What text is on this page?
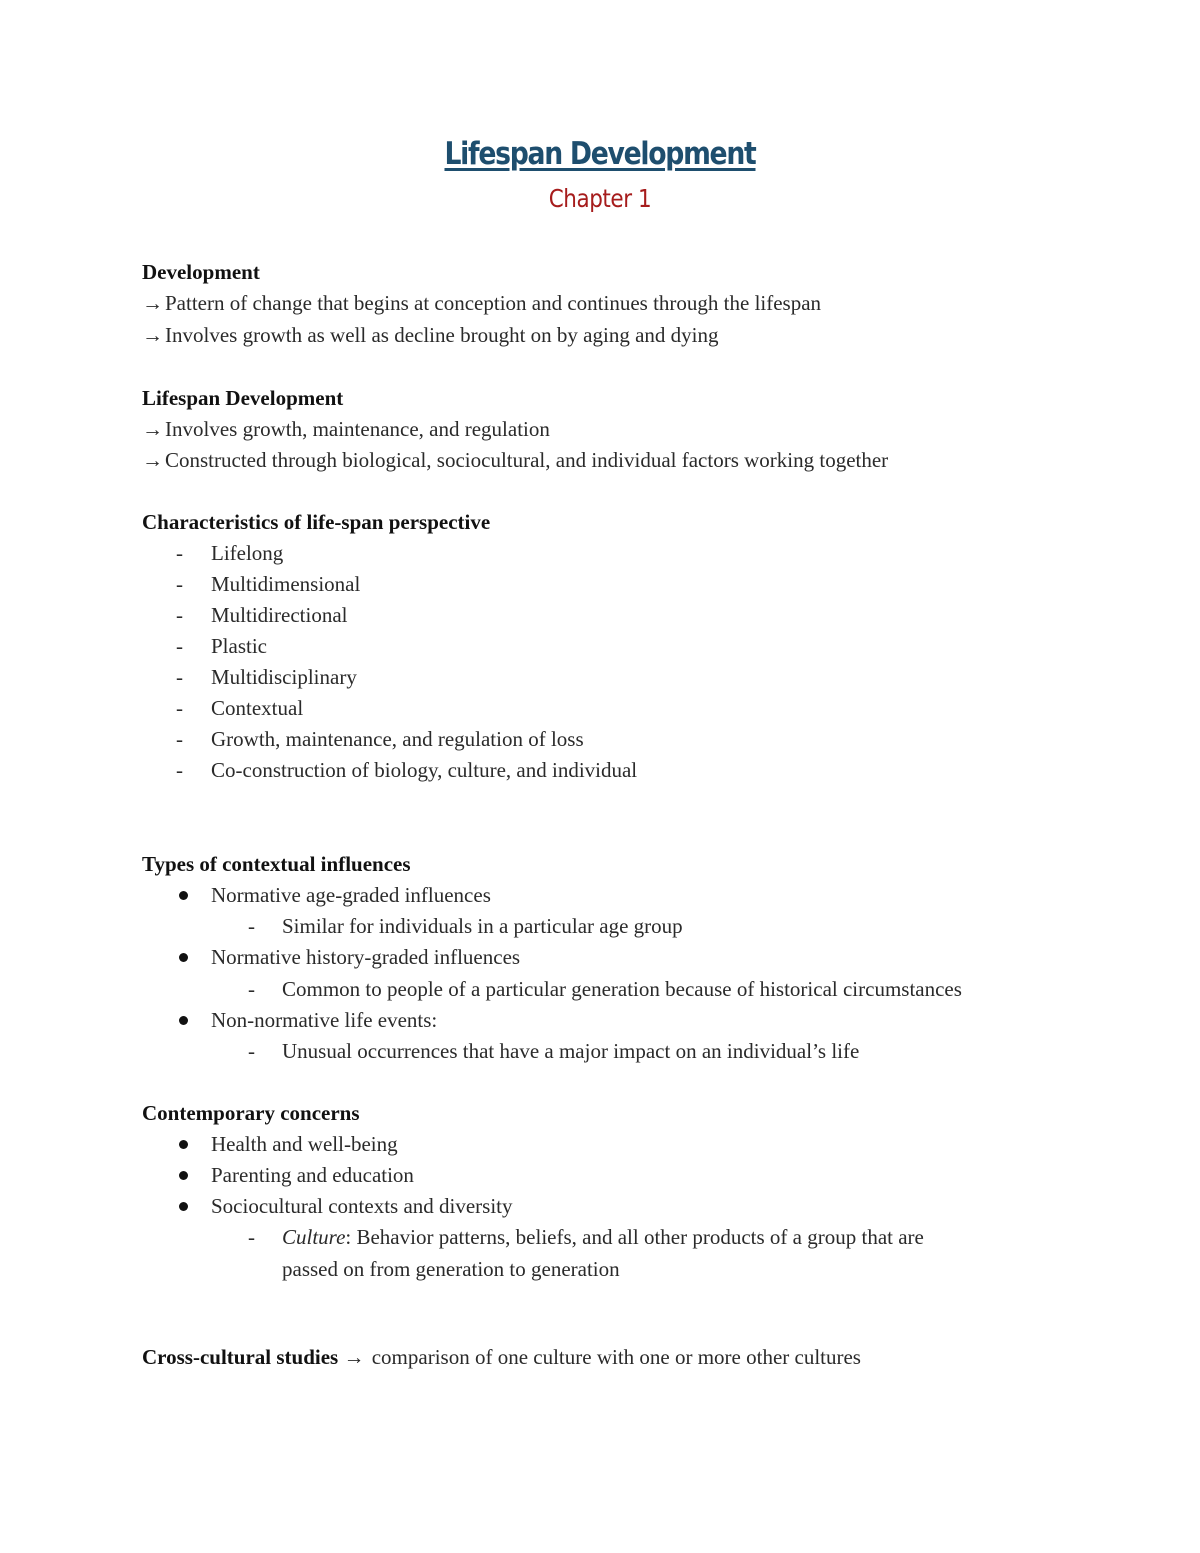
Lifespan Development
Chapter 1
Development
→Pattern of change that begins at conception and continues through the lifespan
→Involves growth as well as decline brought on by aging and dying
Lifespan Development
→Involves growth, maintenance, and regulation
→Constructed through biological, sociocultural, and individual factors working together
Characteristics of life-span perspective
- Lifelong
- Multidimensional
- Multidirectional
- Plastic
- Multidisciplinary
- Contextual
- Growth, maintenance, and regulation of loss
- Co-construction of biology, culture, and individual
Types of contextual influences
Normative age-graded influences
- Similar for individuals in a particular age group
Normative history-graded influences
- Common to people of a particular generation because of historical circumstances
Non-normative life events:
- Unusual occurrences that have a major impact on an individual’s life
Contemporary concerns
Health and well-being
Parenting and education
Sociocultural contexts and diversity
- Culture: Behavior patterns, beliefs, and all other products of a group that are
passed on from generation to generation
Cross-cultural studies → comparison of one culture with one or more other cultures
